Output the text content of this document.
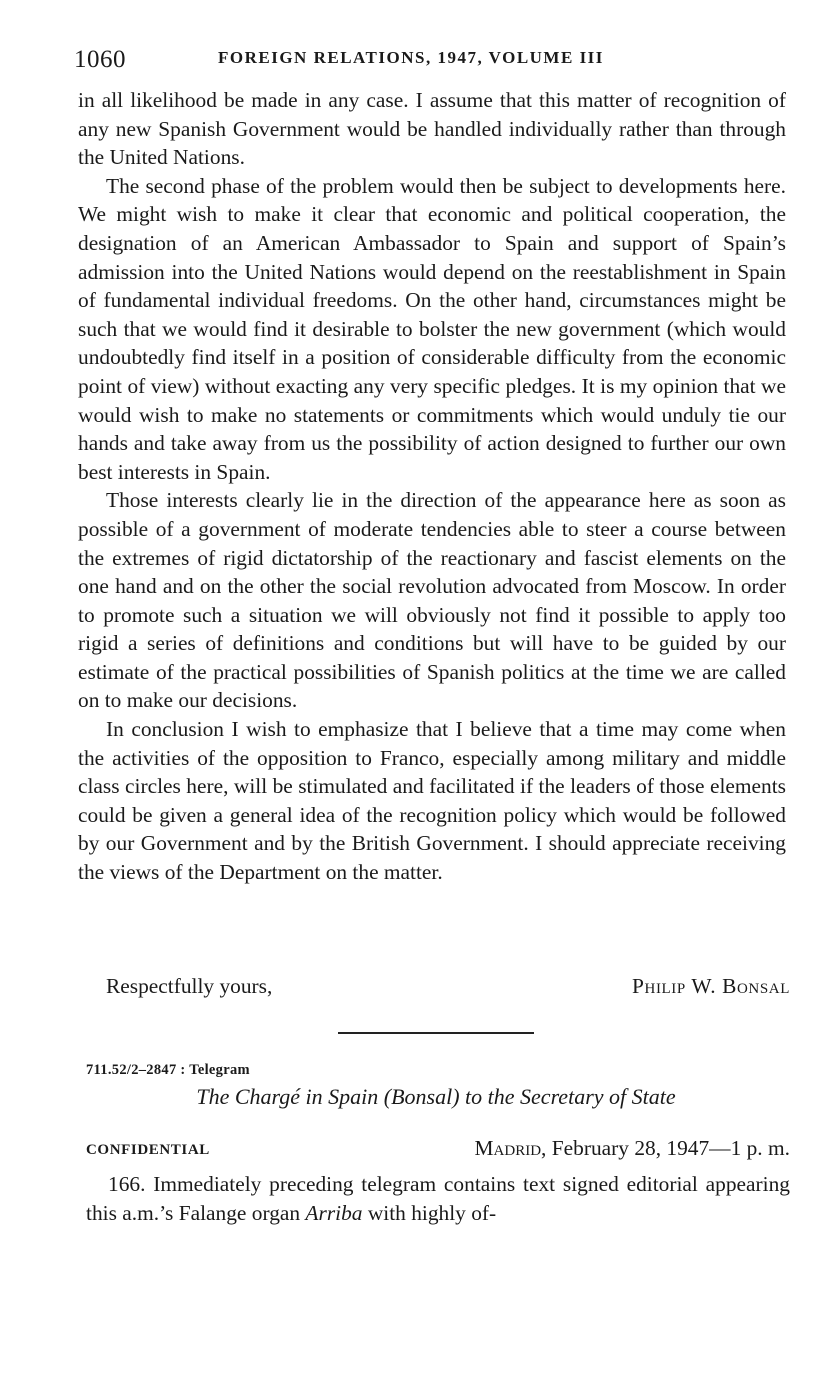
1060	FOREIGN RELATIONS, 1947, VOLUME III

in all likelihood be made in any case. I assume that this matter of recognition of any new Spanish Government would be handled individually rather than through the United Nations.

The second phase of the problem would then be subject to developments here. We might wish to make it clear that economic and political cooperation, the designation of an American Ambassador to Spain and support of Spain’s admission into the United Nations would depend on the reestablishment in Spain of fundamental individual freedoms. On the other hand, circumstances might be such that we would find it desirable to bolster the new government (which would undoubtedly find itself in a position of considerable difficulty from the economic point of view) without exacting any very specific pledges. It is my opinion that we would wish to make no statements or commitments which would unduly tie our hands and take away from us the possibility of action designed to further our own best interests in Spain.

Those interests clearly lie in the direction of the appearance here as soon as possible of a government of moderate tendencies able to steer a course between the extremes of rigid dictatorship of the reactionary and fascist elements on the one hand and on the other the social revolution advocated from Moscow. In order to promote such a situation we will obviously not find it possible to apply too rigid a series of definitions and conditions but will have to be guided by our estimate of the practical possibilities of Spanish politics at the time we are called on to make our decisions.

In conclusion I wish to emphasize that I believe that a time may come when the activities of the opposition to Franco, especially among military and middle class circles here, will be stimulated and facilitated if the leaders of those elements could be given a general idea of the recognition policy which would be followed by our Government and by the British Government. I should appreciate receiving the views of the Department on the matter.

Respectfully yours,	Philip W. Bonsal
711.52/2–2847 : Telegram
The Chargé in Spain (Bonsal) to the Secretary of State
CONFIDENTIAL	Madrid, February 28, 1947—1 p. m.

166. Immediately preceding telegram contains text signed editorial appearing this a.m.’s Falange organ Arriba with highly of-
